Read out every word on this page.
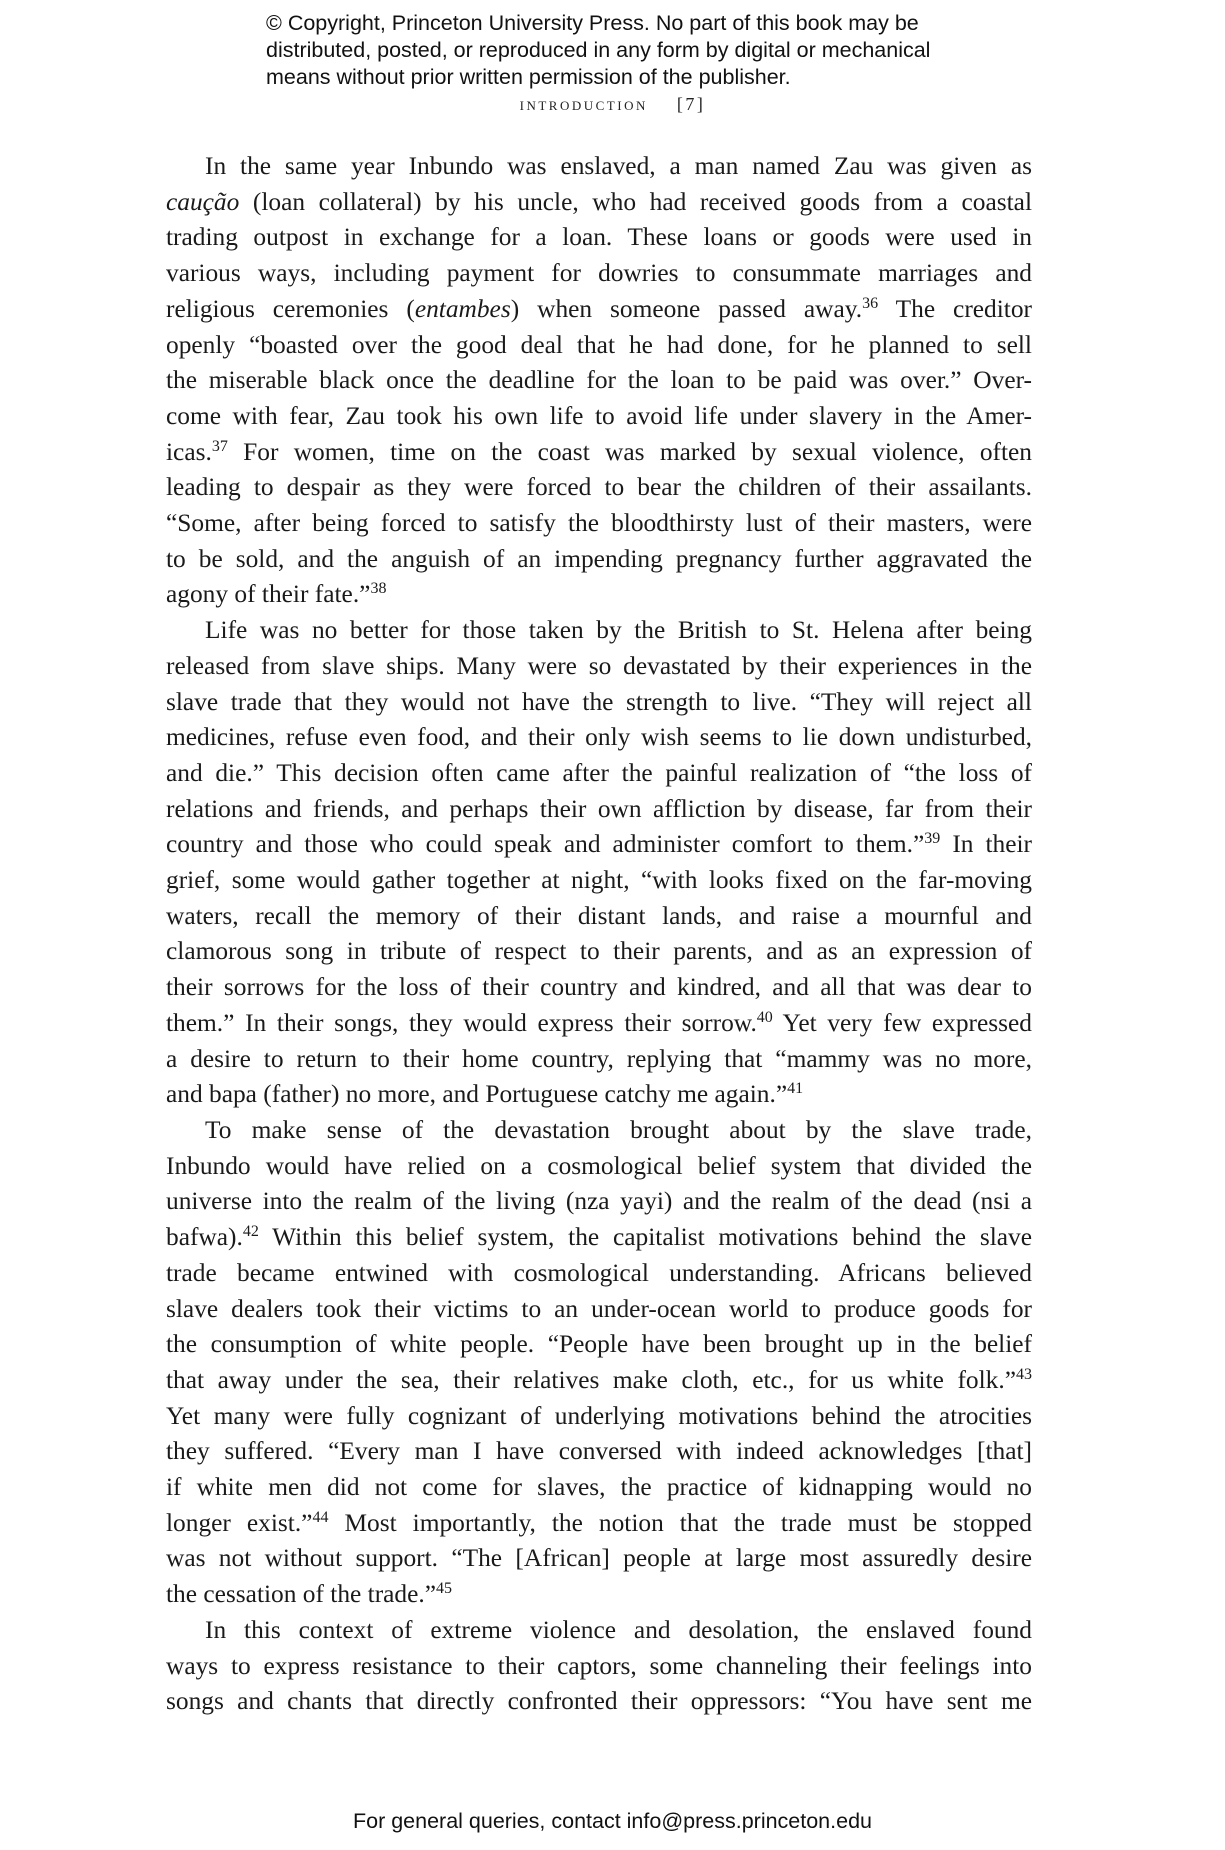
© Copyright, Princeton University Press. No part of this book may be
distributed, posted, or reproduced in any form by digital or mechanical
means without prior written permission of the publisher.
introduction [7]
In the same year Inbundo was enslaved, a man named Zau was given as
caução (loan collateral) by his uncle, who had received goods from a coastal
trading outpost in exchange for a loan. These loans or goods were used in
various ways, including payment for dowries to consummate marriages and
religious ceremonies (entambes) when someone passed away.$^{36}$ The creditor
openly “boasted over the good deal that he had done, for he planned to sell
the miserable black once the deadline for the loan to be paid was over.” Over-
come with fear, Zau took his own life to avoid life under slavery in the Amer-
icas.$^{37}$ For women, time on the coast was marked by sexual violence, often
leading to despair as they were forced to bear the children of their assailants.
“Some, after being forced to satisfy the bloodthirsty lust of their masters, were
to be sold, and the anguish of an impending pregnancy further aggravated the
agony of their fate.”$^{38}$
Life was no better for those taken by the British to St. Helena after being
released from slave ships. Many were so devastated by their experiences in the
slave trade that they would not have the strength to live. “They will reject all
medicines, refuse even food, and their only wish seems to lie down undisturbed,
and die.” This decision often came after the painful realization of “the loss of
relations and friends, and perhaps their own affliction by disease, far from their
country and those who could speak and administer comfort to them.”$^{39}$ In their
grief, some would gather together at night, “with looks fixed on the far-moving
waters, recall the memory of their distant lands, and raise a mournful and
clamorous song in tribute of respect to their parents, and as an expression of
their sorrows for the loss of their country and kindred, and all that was dear to
them.” In their songs, they would express their sorrow.$^{40}$ Yet very few expressed
a desire to return to their home country, replying that “mammy was no more,
and bapa (father) no more, and Portuguese catchy me again.”$^{41}$
To make sense of the devastation brought about by the slave trade,
Inbundo would have relied on a cosmological belief system that divided the
universe into the realm of the living (nza yayi) and the realm of the dead (nsi a
bafwa).$^{42}$ Within this belief system, the capitalist motivations behind the slave
trade became entwined with cosmological understanding. Africans believed
slave dealers took their victims to an under-ocean world to produce goods for
the consumption of white people. “People have been brought up in the belief
that away under the sea, their relatives make cloth, etc., for us white folk.”$^{43}$
Yet many were fully cognizant of underlying motivations behind the atrocities
they suffered. “Every man I have conversed with indeed acknowledges [that]
if white men did not come for slaves, the practice of kidnapping would no
longer exist.”$^{44}$ Most importantly, the notion that the trade must be stopped
was not without support. “The [African] people at large most assuredly desire
the cessation of the trade.”$^{45}$
In this context of extreme violence and desolation, the enslaved found
ways to express resistance to their captors, some channeling their feelings into
songs and chants that directly confronted their oppressors: “You have sent me
For general queries, contact info@press.princeton.edu
